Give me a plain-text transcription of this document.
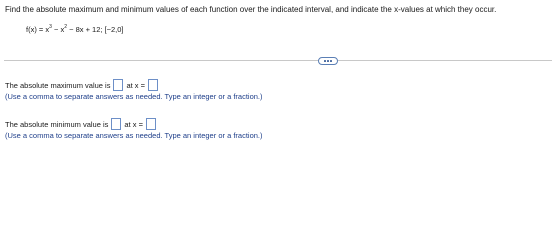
Find the absolute maximum and minimum values of each function over the indicated interval, and indicate the x-values at which they occur.
$f(x) = x^3 - x^2 - 8x + 12$; [−2,0]
The absolute maximum value is at x =
(Use a comma to separate answers as needed. Type an integer or a fraction.)
The absolute minimum value is at x =
(Use a comma to separate answers as needed. Type an integer or a fraction.)
